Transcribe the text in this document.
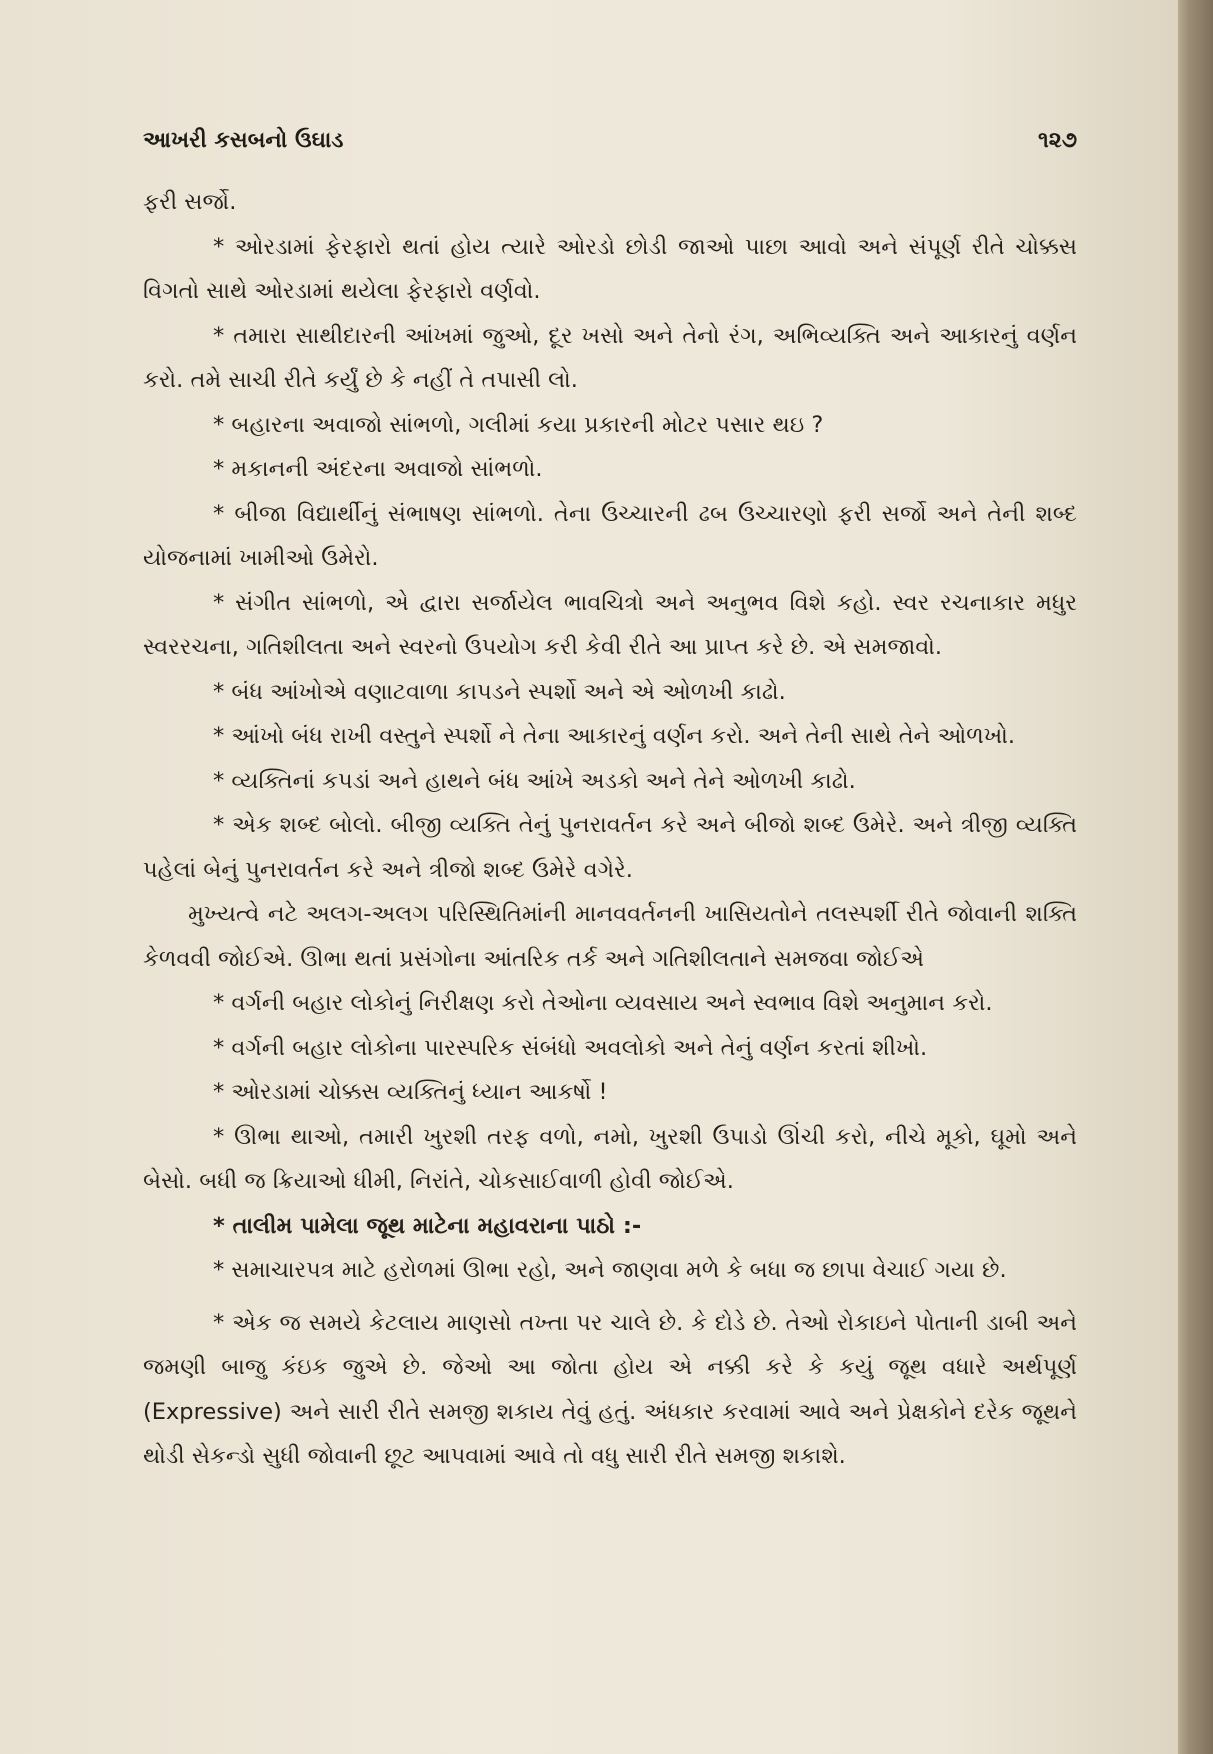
આખરી કસબનો ઉઘાડ	૧૨૭

ફરી સર્જો.

* ઓરડામાં ફેરફારો થતાં હોય ત્યારે ઓરડો છોડી જાઓ પાછા આવો અને સંપૂર્ણ રીતે ચોક્કસ વિગતો સાથે ઓરડામાં થયેલા ફેરફારો વર્ણવો.

* તમારા સાથીદારની આંખમાં જુઓ, દૂર ખસો અને તેનો રંગ, અભિવ્યક્તિ અને આકારનું વર્ણન કરો. તમે સાચી રીતે કર્યું છે કે નહીં તે તપાસી લો.

* બહારના અવાજો સાંભળો, ગલીમાં કયા પ્રકારની મોટર પસાર થઇ ?

* મકાનની અંદરના અવાજો સાંભળો.

* બીજા વિદ્યાર્થીનું સંભાષણ સાંભળો. તેના ઉચ્ચારની ઢબ ઉચ્ચારણો ફરી સર્જો અને તેની શબ્દ યોજનામાં ખામીઓ ઉમેરો.

* સંગીત સાંભળો, એ દ્વારા સર્જાયેલ ભાવચિત્રો અને અનુભવ વિશે કહો. સ્વર રચનાકાર મધુર સ્વરરચના, ગતિશીલતા અને સ્વરનો ઉપયોગ કરી કેવી રીતે આ પ્રાપ્ત કરે છે. એ સમજાવો.

* બંધ આંખોએ વણાટવાળા કાપડને સ્પર્શો અને એ ઓળખી કાઢો.

* આંખો બંધ રાખી વસ્તુને સ્પર્શો ને તેના આકારનું વર્ણન કરો. અને તેની સાથે તેને ઓળખો.

* વ્યક્તિનાં કપડાં અને હાથને બંધ આંખે અડકો અને તેને ઓળખી કાઢો.

* એક શબ્દ બોલો. બીજી વ્યક્તિ તેનું પુનરાવર્તન કરે અને બીજો શબ્દ ઉમેરે. અને ત્રીજી વ્યક્તિ પહેલાં બેનું પુનરાવર્તન કરે અને ત્રીજો શબ્દ ઉમેરે વગેરે.

મુખ્યત્વે નટે અલગ-અલગ પરિસ્થિતિમાંની માનવવર્તનની ખાસિયતોને તલસ્પર્શી રીતે જોવાની શક્તિ કેળવવી જોઈએ. ઊભા થતાં પ્રસંગોના આંતરિક તર્ક અને ગતિશીલતાને સમજવા જોઈએ

* વર્ગની બહાર લોકોનું નિરીક્ષણ કરો તેઓના વ્યવસાય અને સ્વભાવ વિશે અનુમાન કરો.

* વર્ગની બહાર લોકોના પારસ્પરિક સંબંધો અવલોકો અને તેનું વર્ણન કરતાં શીખો.

* ઓરડામાં ચોક્કસ વ્યક્તિનું ધ્યાન આકર્ષો !

* ઊભા થાઓ, તમારી ખુરશી તરફ વળો, નમો, ખુરશી ઉપાડો ઊંચી કરો, નીચે મૂકો, ઘૂમો અને બેસો. બધી જ ક્રિયાઓ ધીમી, નિરાંતે, ચોકસાઈવાળી હોવી જોઈએ.

* તાલીમ પામેલા જૂથ માટેના મહાવરાના પાઠો :-

* સમાચારપત્ર માટે હરોળમાં ઊભા રહો, અને જાણવા મળે કે બધા જ છાપા વેચાઈ ગયા છે.

* એક જ સમયે કેટલાય માણસો તખ્તા પર ચાલે છે. કે દોડે છે. તેઓ રોકાઇને પોતાની ડાબી અને જમણી બાજુ કંઇક જુએ છે. જેઓ આ જોતા હોય એ નક્કી કરે કે કયું જૂથ વધારે અર્થપૂર્ણ (Expressive) અને સારી રીતે સમજી શકાય તેવું હતું. અંધકાર કરવામાં આવે અને પ્રેક્ષકોને દરેક જૂથને થોડી સેકન્ડો સુધી જોવાની છૂટ આપવામાં આવે તો વધુ સારી રીતે સમજી શકાશે.
